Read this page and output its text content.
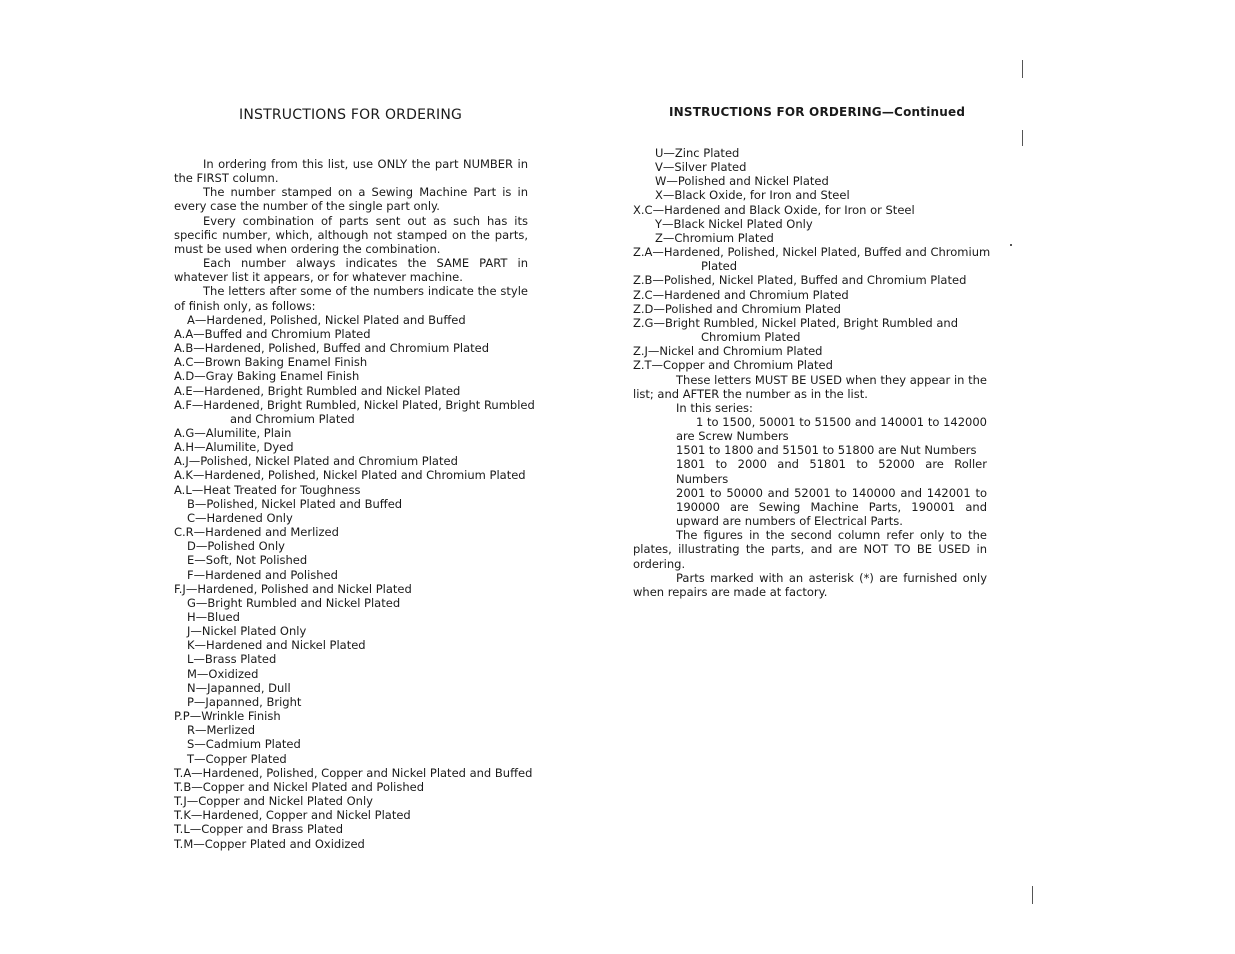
INSTRUCTIONS FOR ORDERING

In ordering from this list, use ONLY the part NUMBER in the FIRST column.

The number stamped on a Sewing Machine Part is in every case the number of the single part only.

Every combination of parts sent out as such has its specific number, which, although not stamped on the parts, must be used when ordering the combination.

Each number always indicates the SAME PART in whatever list it appears, or for whatever machine.

The letters after some of the numbers indicate the style of finish only, as follows:

A—Hardened, Polished, Nickel Plated and Buffed

A.A—Buffed and Chromium Plated

A.B—Hardened, Polished, Buffed and Chromium Plated

A.C—Brown Baking Enamel Finish

A.D—Gray Baking Enamel Finish

A.E—Hardened, Bright Rumbled and Nickel Plated

A.F—Hardened, Bright Rumbled, Nickel Plated, Bright Rumbled

and Chromium Plated

A.G—Alumilite, Plain

A.H—Alumilite, Dyed

A.J—Polished, Nickel Plated and Chromium Plated

A.K—Hardened, Polished, Nickel Plated and Chromium Plated

A.L—Heat Treated for Toughness

B—Polished, Nickel Plated and Buffed

C—Hardened Only

C.R—Hardened and Merlized

D—Polished Only

E—Soft, Not Polished

F—Hardened and Polished

F.J—Hardened, Polished and Nickel Plated

G—Bright Rumbled and Nickel Plated

H—Blued

J—Nickel Plated Only

K—Hardened and Nickel Plated

L—Brass Plated

M—Oxidized

N—Japanned, Dull

P—Japanned, Bright

P.P—Wrinkle Finish

R—Merlized

S—Cadmium Plated

T—Copper Plated

T.A—Hardened, Polished, Copper and Nickel Plated and Buffed

T.B—Copper and Nickel Plated and Polished

T.J—Copper and Nickel Plated Only

T.K—Hardened, Copper and Nickel Plated

T.L—Copper and Brass Plated

T.M—Copper Plated and Oxidized

INSTRUCTIONS FOR ORDERING—Continued

U—Zinc Plated

V—Silver Plated

W—Polished and Nickel Plated

X—Black Oxide, for Iron and Steel

X.C—Hardened and Black Oxide, for Iron or Steel

Y—Black Nickel Plated Only

Z—Chromium Plated

Z.A—Hardened, Polished, Nickel Plated, Buffed and Chromium

Plated

Z.B—Polished, Nickel Plated, Buffed and Chromium Plated

Z.C—Hardened and Chromium Plated

Z.D—Polished and Chromium Plated

Z.G—Bright Rumbled, Nickel Plated, Bright Rumbled and

Chromium Plated

Z.J—Nickel and Chromium Plated

Z.T—Copper and Chromium Plated

These letters MUST BE USED when they appear in the list; and AFTER the number as in the list.

In this series:

1 to 1500, 50001 to 51500 and 140001 to 142000 are Screw Numbers

1501 to 1800 and 51501 to 51800 are Nut Numbers

1801 to 2000 and 51801 to 52000 are Roller Numbers

2001 to 50000 and 52001 to 140000 and 142001 to 190000 are Sewing Machine Parts, 190001 and upward are numbers of Electrical Parts.

The figures in the second column refer only to the plates, illustrating the parts, and are NOT TO BE USED in ordering.

Parts marked with an asterisk (*) are furnished only when repairs are made at factory.
